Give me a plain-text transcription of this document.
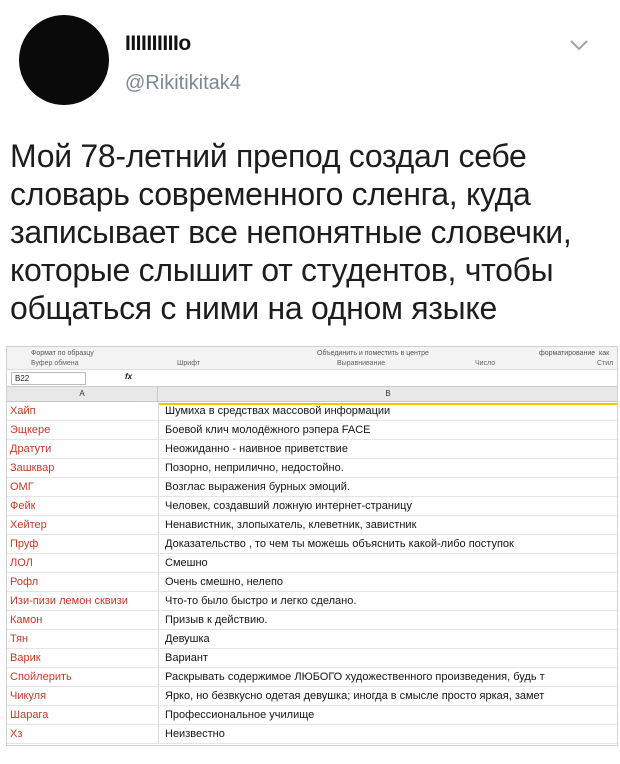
IIIIIIIIIIo
@Rikitikitak4
Мой 78-летний препод создал себе словарь современного сленга, куда записывает все непонятные словечки, которые слышит от студентов, чтобы общаться с ними на одном языке
Формат по образцу	Объединить и поместить в центре	форматирование как
Буфер обмена	Шрифт	Выравнивание	Число	Стил
B22	fx
A	B
Хайп	Шумиха в средствах массовой информации
Эщкере	Боевой клич молодёжного рэпера FACE
Дратути	Неожиданно - наивное приветствие
Зашквар	Позорно, неприлично, недостойно.
ОМГ	Возглас выражения бурных эмоций.
Фейк	Человек, создавший ложную интернет-страницу
Хейтер	Ненавистник, злопыхатель, клеветник, завистник
Пруф	Доказательство , то чем ты можешь объяснить какой-либо поступок
ЛОЛ	Смешно
Рофл	Очень смешно, нелепо
Изи-пизи лемон сквизи	Что-то было быстро и легко сделано.
Камон	Призыв к действию.
Тян	Девушка
Варик	Вариант
Спойлерить	Раскрывать содержимое ЛЮБОГО художественного произведения, будь т
Чикуля	Ярко, но безвкусно одетая девушка; иногда в смысле просто яркая, замет
Шарага	Профессиональное училище
Хз	Неизвестно
